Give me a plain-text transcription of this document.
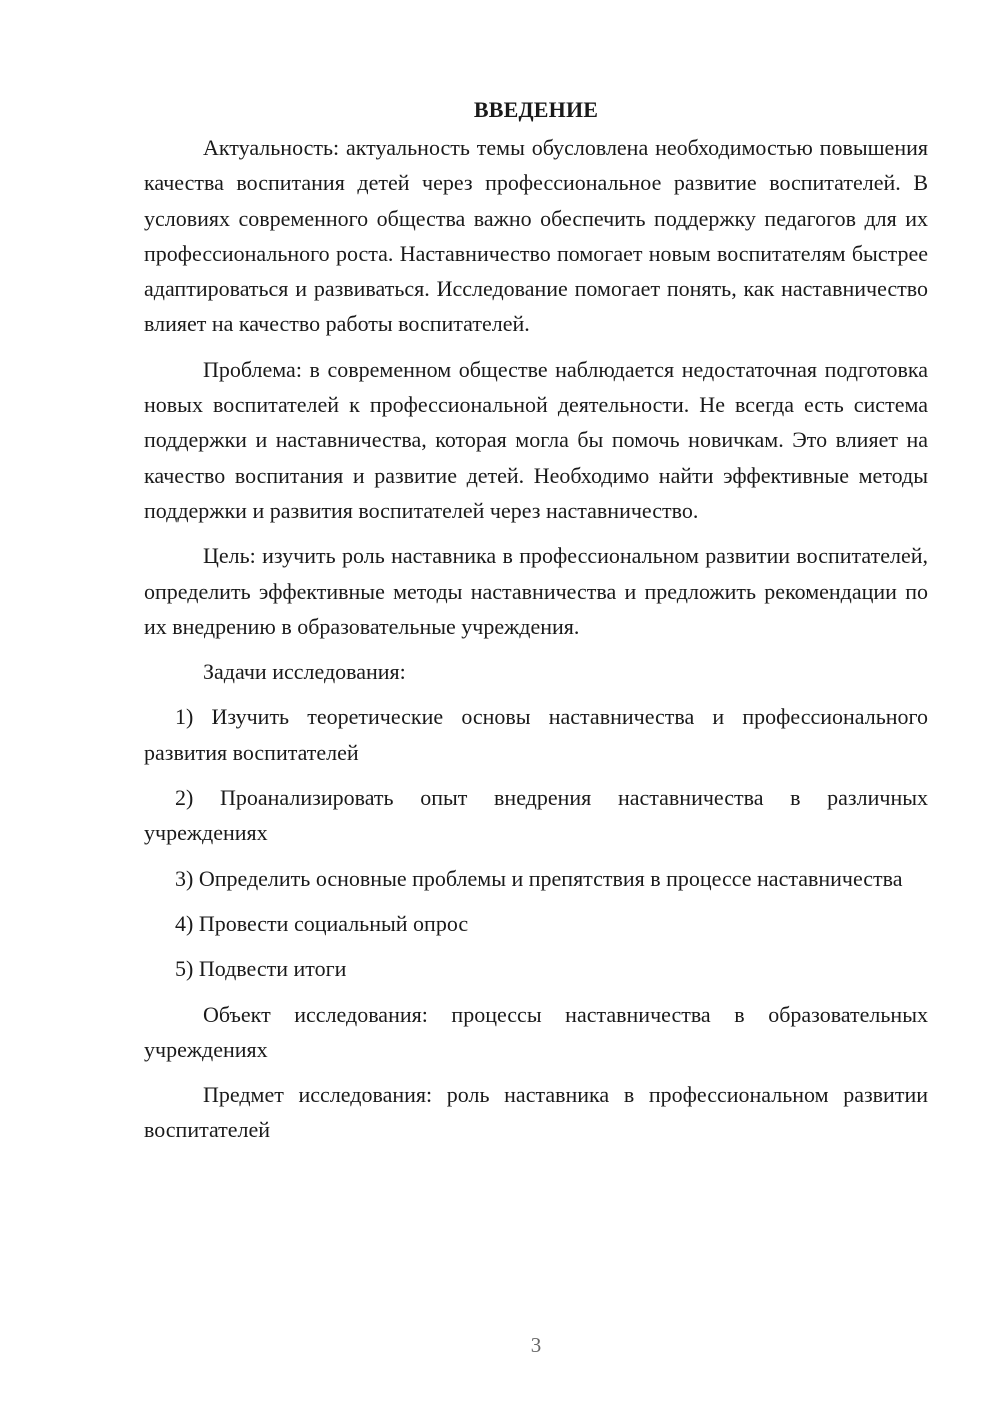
ВВЕДЕНИЕ

Актуальность: актуальность темы обусловлена необходимостью повышения качества воспитания детей через профессиональное развитие воспитателей. В условиях современного общества важно обеспечить поддержку педагогов для их профессионального роста. Наставничество помогает новым воспитателям быстрее адаптироваться и развиваться. Исследование помогает понять, как наставничество влияет на качество работы воспитателей.

Проблема: в современном обществе наблюдается недостаточная подготовка новых воспитателей к профессиональной деятельности. Не всегда есть система поддержки и наставничества, которая могла бы помочь новичкам. Это влияет на качество воспитания и развитие детей. Необходимо найти эффективные методы поддержки и развития воспитателей через наставничество.

Цель: изучить роль наставника в профессиональном развитии воспитателей, определить эффективные методы наставничества и предложить рекомендации по их внедрению в образовательные учреждения.

Задачи исследования:

1) Изучить теоретические основы наставничества и профессионального развития воспитателей

2) Проанализировать опыт внедрения наставничества в различных учреждениях

3) Определить основные проблемы и препятствия в процессе наставничества

4) Провести социальный опрос

5) Подвести итоги

Объект исследования: процессы наставничества в образовательных учреждениях

Предмет исследования: роль наставника в профессиональном развитии воспитателей

3
